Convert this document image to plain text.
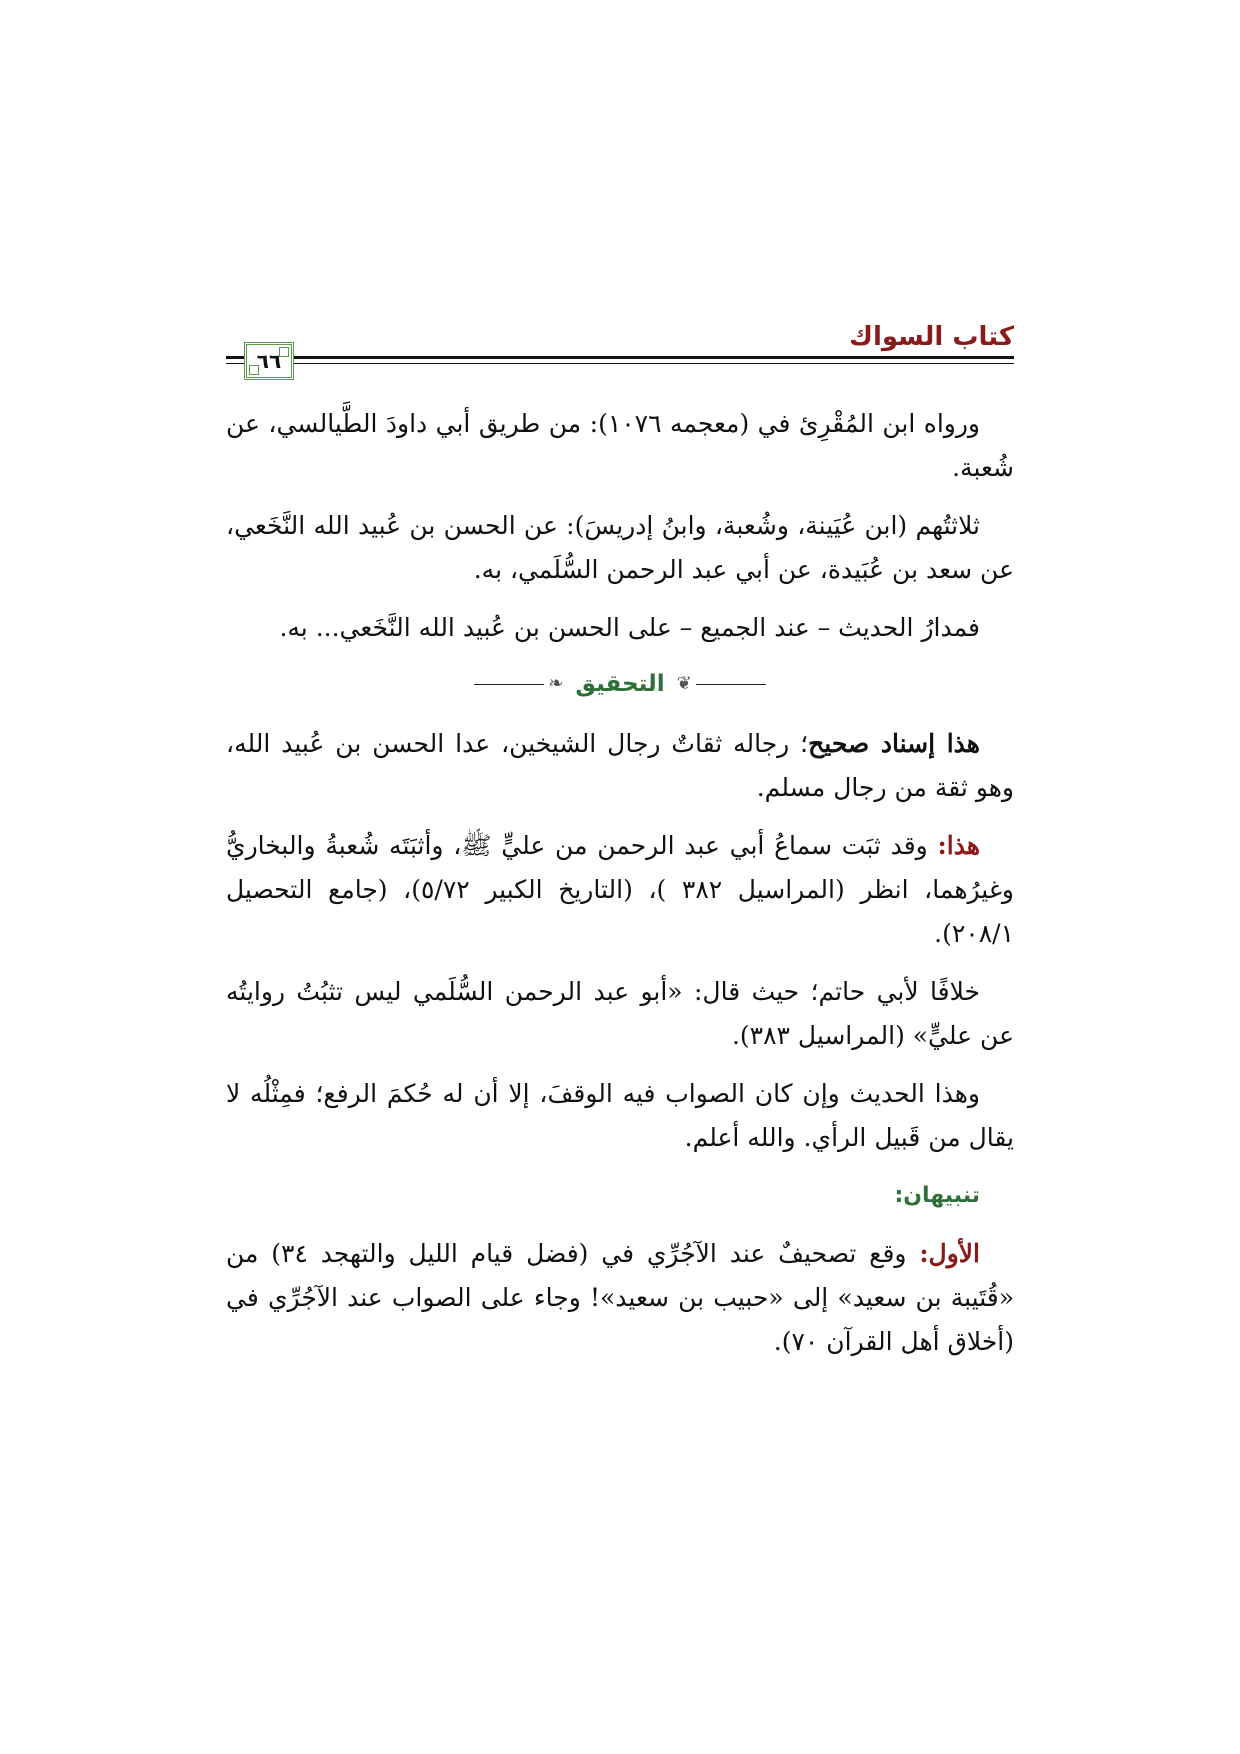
كتاب السواك
٦٦

ورواه ابن المُقْرِئ في (معجمه ١٠٧٦): من طريق أبي داودَ الطَّيالسي، عن شُعبة.

ثلاثتُهم (ابن عُيَينة، وشُعبة، وابنُ إدريسَ): عن الحسن بن عُبيد الله النَّخَعي، عن سعد بن عُبَيدة، عن أبي عبد الرحمن السُّلَمي، به.

فمدارُ الحديث – عند الجميع – على الحسن بن عُبيد الله النَّخَعي... به.

❦
التحقيق
❧

هذا إسناد صحيح؛ رجاله ثقاتٌ رجال الشيخين، عدا الحسن بن عُبيد الله، وهو ثقة من رجال مسلم.

هذا: وقد ثبَت سماعُ أبي عبد الرحمن من عليٍّ ﷺ، وأثبَتَه شُعبةُ والبخاريُّ وغيرُهما، انظر (المراسيل ٣٨٢ )، (التاريخ الكبير ٥/٧٢)، (جامع التحصيل ٢٠٨/١).

خلافًا لأبي حاتم؛ حيث قال: «أبو عبد الرحمن السُّلَمي ليس تثبُتُ روايتُه عن عليٍّ» (المراسيل ٣٨٣).

وهذا الحديث وإن كان الصواب فيه الوقفَ، إلا أن له حُكمَ الرفع؛ فمِثْلُه لا يقال من قَبيل الرأي. والله أعلم.

تنبيهان:

الأول: وقع تصحيفٌ عند الآجُرِّي في (فضل قيام الليل والتهجد ٣٤) من «قُتَيبة بن سعيد» إلى «حبيب بن سعيد»! وجاء على الصواب عند الآجُرِّي في (أخلاق أهل القرآن ٧٠).
